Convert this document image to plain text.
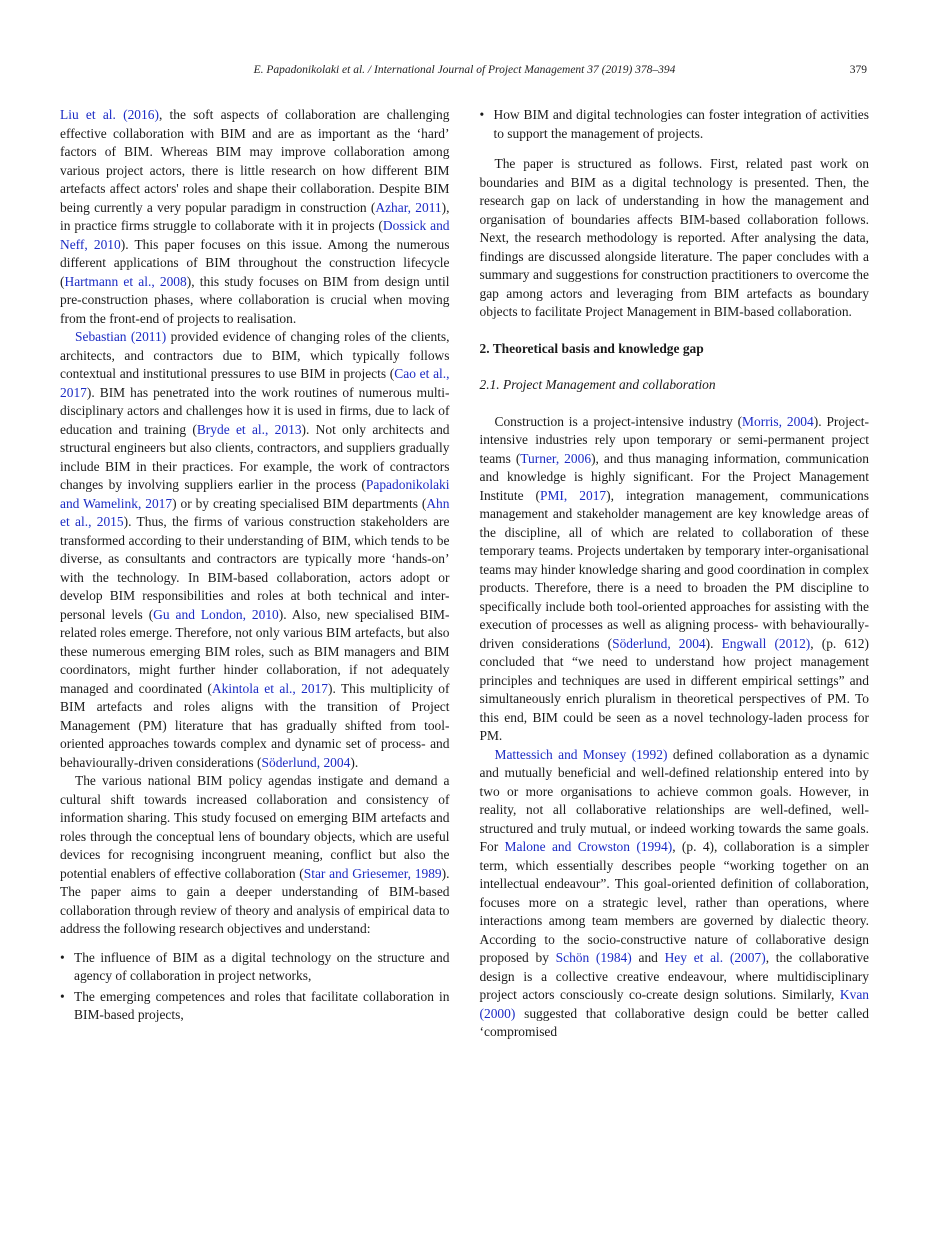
E. Papadonikolaki et al. / International Journal of Project Management 37 (2019) 378–394	379
Liu et al. (2016), the soft aspects of collaboration are challenging effective collaboration with BIM and are as important as the ‘hard’ factors of BIM. Whereas BIM may improve collaboration among various project actors, there is little research on how different BIM artefacts affect actors' roles and shape their collaboration. Despite BIM being currently a very popular paradigm in construction (Azhar, 2011), in practice firms struggle to collaborate with it in projects (Dossick and Neff, 2010). This paper focuses on this issue. Among the numerous different applications of BIM throughout the construction lifecycle (Hartmann et al., 2008), this study focuses on BIM from design until pre-construction phases, where collaboration is crucial when moving from the front-end of projects to realisation.
Sebastian (2011) provided evidence of changing roles of the clients, architects, and contractors due to BIM, which typically follows contextual and institutional pressures to use BIM in projects (Cao et al., 2017). BIM has penetrated into the work routines of numerous multi-disciplinary actors and challenges how it is used in firms, due to lack of education and training (Bryde et al., 2013). Not only architects and structural engineers but also clients, contractors, and suppliers gradually include BIM in their practices. For example, the work of contractors changes by involving suppliers earlier in the process (Papadonikolaki and Wamelink, 2017) or by creating specialised BIM departments (Ahn et al., 2015). Thus, the firms of various construction stakeholders are transformed according to their understanding of BIM, which tends to be diverse, as consultants and contractors are typically more ‘hands-on’ with the technology. In BIM-based collaboration, actors adopt or develop BIM responsibilities and roles at both technical and inter-personal levels (Gu and London, 2010). Also, new specialised BIM-related roles emerge. Therefore, not only various BIM artefacts, but also these numerous emerging BIM roles, such as BIM managers and BIM coordinators, might further hinder collaboration, if not adequately managed and coordinated (Akintola et al., 2017). This multiplicity of BIM artefacts and roles aligns with the transition of Project Management (PM) literature that has gradually shifted from tool-oriented approaches towards complex and dynamic set of process- and behaviourally-driven considerations (Söderlund, 2004).
The various national BIM policy agendas instigate and demand a cultural shift towards increased collaboration and consistency of information sharing. This study focused on emerging BIM artefacts and roles through the conceptual lens of boundary objects, which are useful devices for recognising incongruent meaning, conflict but also the potential enablers of effective collaboration (Star and Griesemer, 1989). The paper aims to gain a deeper understanding of BIM-based collaboration through review of theory and analysis of empirical data to address the following research objectives and understand:
• The influence of BIM as a digital technology on the structure and agency of collaboration in project networks,
• The emerging competences and roles that facilitate collaboration in BIM-based projects,
• How BIM and digital technologies can foster integration of activities to support the management of projects.
The paper is structured as follows. First, related past work on boundaries and BIM as a digital technology is presented. Then, the research gap on lack of understanding in how the management and organisation of boundaries affects BIM-based collaboration follows. Next, the research methodology is reported. After analysing the data, findings are discussed alongside literature. The paper concludes with a summary and suggestions for construction practitioners to overcome the gap among actors and leveraging from BIM artefacts as boundary objects to facilitate Project Management in BIM-based collaboration.
2. Theoretical basis and knowledge gap
2.1. Project Management and collaboration
Construction is a project-intensive industry (Morris, 2004). Project-intensive industries rely upon temporary or semi-permanent project teams (Turner, 2006), and thus managing information, communication and knowledge is highly significant. For the Project Management Institute (PMI, 2017), integration management, communications management and stakeholder management are key knowledge areas of the discipline, all of which are related to collaboration of these temporary teams. Projects undertaken by temporary inter-organisational teams may hinder knowledge sharing and good coordination in complex products. Therefore, there is a need to broaden the PM discipline to specifically include both tool-oriented approaches for assisting with the execution of processes as well as aligning process- with behaviourally-driven considerations (Söderlund, 2004). Engwall (2012), (p. 612) concluded that “we need to understand how project management principles and techniques are used in different empirical settings” and simultaneously enrich pluralism in theoretical perspectives of PM. To this end, BIM could be seen as a novel technology-laden process for PM.
Mattessich and Monsey (1992) defined collaboration as a dynamic and mutually beneficial and well-defined relationship entered into by two or more organisations to achieve common goals. However, in reality, not all collaborative relationships are well-defined, well-structured and truly mutual, or indeed working towards the same goals. For Malone and Crowston (1994), (p. 4), collaboration is a simpler term, which essentially describes people “working together on an intellectual endeavour”. This goal-oriented definition of collaboration, focuses more on a strategic level, rather than operations, where interactions among team members are governed by dialectic theory. According to the socio-constructive nature of collaborative design proposed by Schön (1984) and Hey et al. (2007), the collaborative design is a collective creative endeavour, where multidisciplinary project actors consciously co-create design solutions. Similarly, Kvan (2000) suggested that collaborative design could be better called ‘compromised
